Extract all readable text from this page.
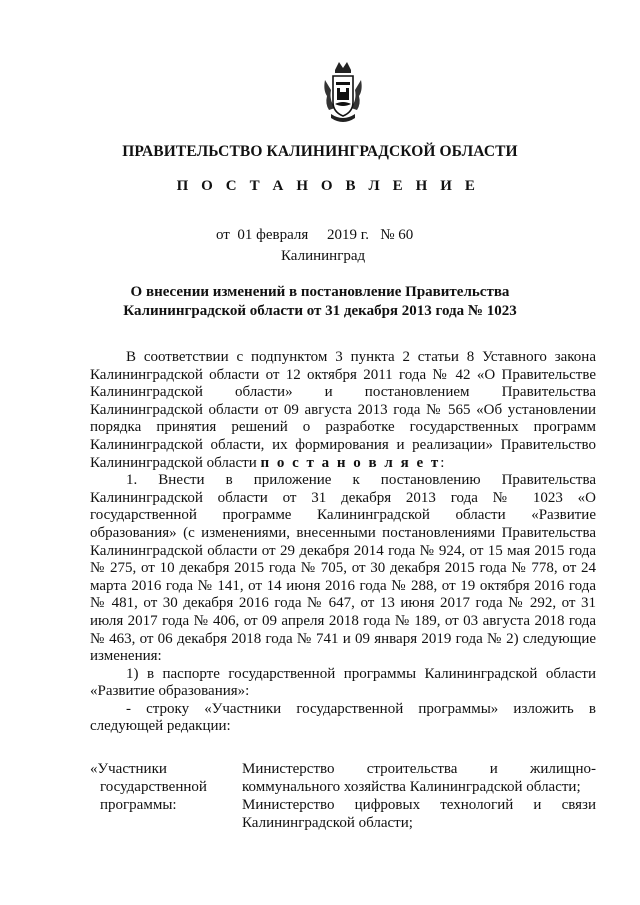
ПРАВИТЕЛЬСТВО КАЛИНИНГРАДСКОЙ ОБЛАСТИ
П О С Т А Н О В Л Е Н И Е
от  01 февраля     2019 г.   № 60
Калининград
О внесении изменений в постановление Правительства
Калининградской области от 31 декабря 2013 года № 1023

В соответствии с подпунктом 3 пункта 2 статьи 8 Уставного закона Калининградской области от 12 октября 2011 года № 42 «О Правительстве Калининградской области» и постановлением Правительства Калининградской области от 09 августа 2013 года № 565 «Об установлении порядка принятия решений о разработке государственных программ Калининградской области, их формирования и реализации» Правительство Калининградской области п о с т а н о в л я е т:

1. Внести в приложение к постановлению Правительства Калининградской области от 31 декабря 2013 года № 1023 «О государственной программе Калининградской области «Развитие образования» (с изменениями, внесенными постановлениями Правительства Калининградской области от 29 декабря 2014 года № 924, от 15 мая 2015 года № 275, от 10 декабря 2015 года № 705, от 30 декабря 2015 года № 778, от 24 марта 2016 года № 141, от 14 июня 2016 года № 288, от 19 октября 2016 года № 481, от 30 декабря 2016 года № 647, от 13 июня 2017 года № 292, от 31 июля 2017 года № 406, от 09 апреля 2018 года № 189, от 03 августа 2018 года № 463, от 06 декабря 2018 года № 741 и 09 января 2019 года № 2) следующие изменения:

1) в паспорте государственной программы Калининградской области «Развитие образования»:

- строку «Участники государственной программы» изложить в следующей редакции:

«Участники
государственной
программы:

Министерство строительства и жилищно-коммунального хозяйства Калининградской области;

Министерство цифровых технологий и связи Калининградской области;
